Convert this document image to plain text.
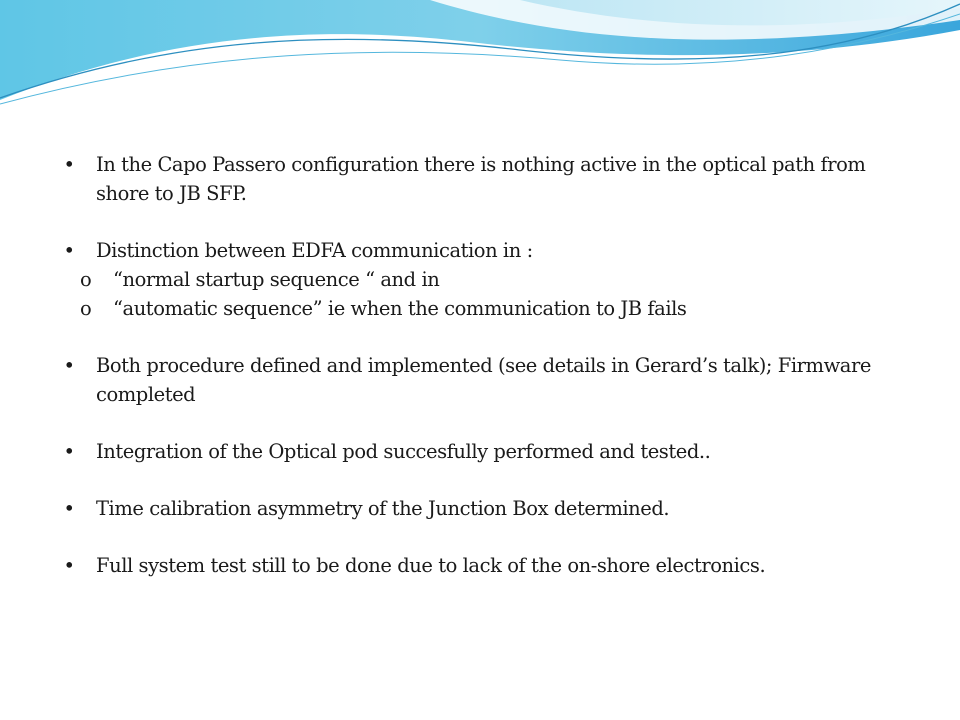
• In the Capo Passero configuration there is nothing active in the optical path from shore to JB SFP.
• Distinction between EDFA communication in :
o “normal startup sequence “ and in
o “automatic sequence” ie when the communication to JB fails
• Both procedure defined and implemented (see details in Gerard’s talk); Firmware completed
• Integration of the Optical pod succesfully performed and tested..
• Time calibration asymmetry of the Junction Box determined.
• Full system test still to be done due to lack of the on-shore electronics.
